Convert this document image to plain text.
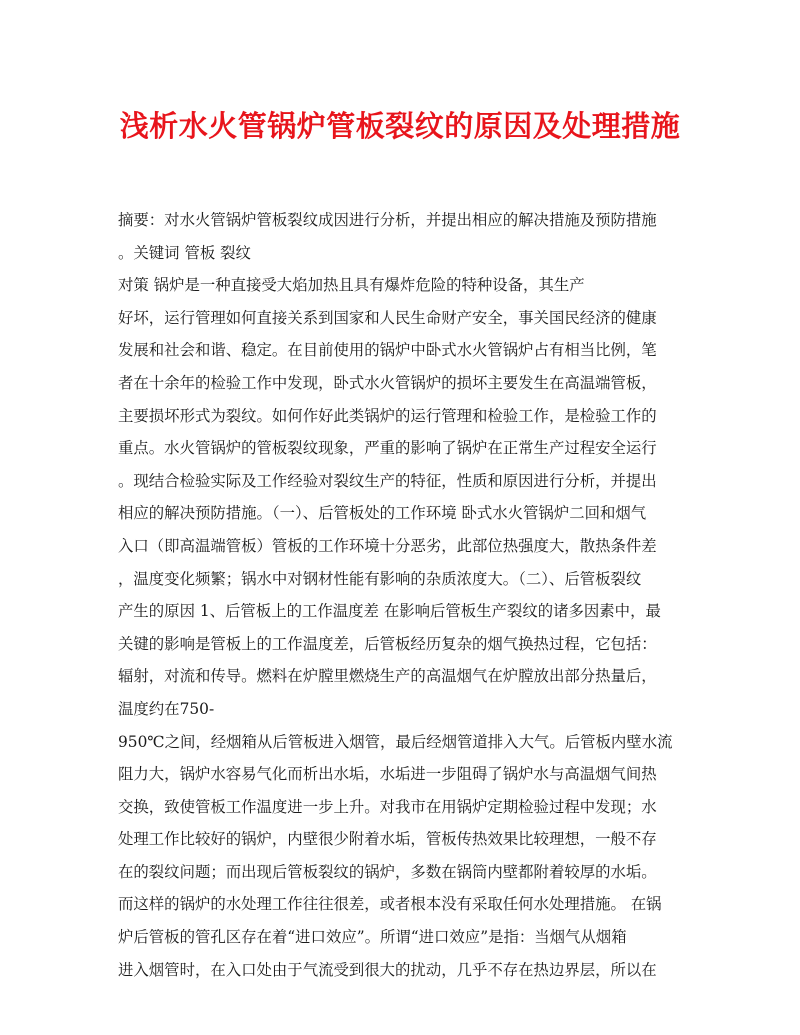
浅析水火管锅炉管板裂纹的原因及处理措施
摘要：对水火管锅炉管板裂纹成因进行分析，并提出相应的解决措施及预防措施
。关键词 管板 裂纹
对策 锅炉是一种直接受大焰加热且具有爆炸危险的特种设备，其生产
好坏，运行管理如何直接关系到国家和人民生命财产安全，事关国民经济的健康
发展和社会和谐、稳定。在目前使用的锅炉中卧式水火管锅炉占有相当比例，笔
者在十余年的检验工作中发现，卧式水火管锅炉的损坏主要发生在高温端管板，
主要损坏形式为裂纹。如何作好此类锅炉的运行管理和检验工作，是检验工作的
重点。水火管锅炉的管板裂纹现象，严重的影响了锅炉在正常生产过程安全运行
。现结合检验实际及工作经验对裂纹生产的特征，性质和原因进行分析，并提出
相应的解决预防措施。（一）、后管板处的工作环境 卧式水火管锅炉二回和烟气
入口（即高温端管板）管板的工作环境十分恶劣，此部位热强度大，散热条件差
，温度变化频繁；锅水中对钢材性能有影响的杂质浓度大。（二）、后管板裂纹
产生的原因 1、后管板上的工作温度差 在影响后管板生产裂纹的诸多因素中，最
关键的影响是管板上的工作温度差，后管板经历复杂的烟气换热过程，它包括：
辐射，对流和传导。燃料在炉膛里燃烧生产的高温烟气在炉膛放出部分热量后，
温度约在750-
950℃之间，经烟箱从后管板进入烟管，最后经烟管道排入大气。后管板内壁水流
阻力大，锅炉水容易气化而析出水垢，水垢进一步阻碍了锅炉水与高温烟气间热
交换，致使管板工作温度进一步上升。对我市在用锅炉定期检验过程中发现；水
处理工作比较好的锅炉，内壁很少附着水垢，管板传热效果比较理想，一般不存
在的裂纹问题；而出现后管板裂纹的锅炉，多数在锅筒内壁都附着较厚的水垢。
而这样的锅炉的水处理工作往往很差，或者根本没有采取任何水处理措施。 在锅
炉后管板的管孔区存在着“进口效应”。所谓“进口效应”是指：当烟气从烟箱
进入烟管时，在入口处由于气流受到很大的扰动，几乎不存在热边界层，所以在
